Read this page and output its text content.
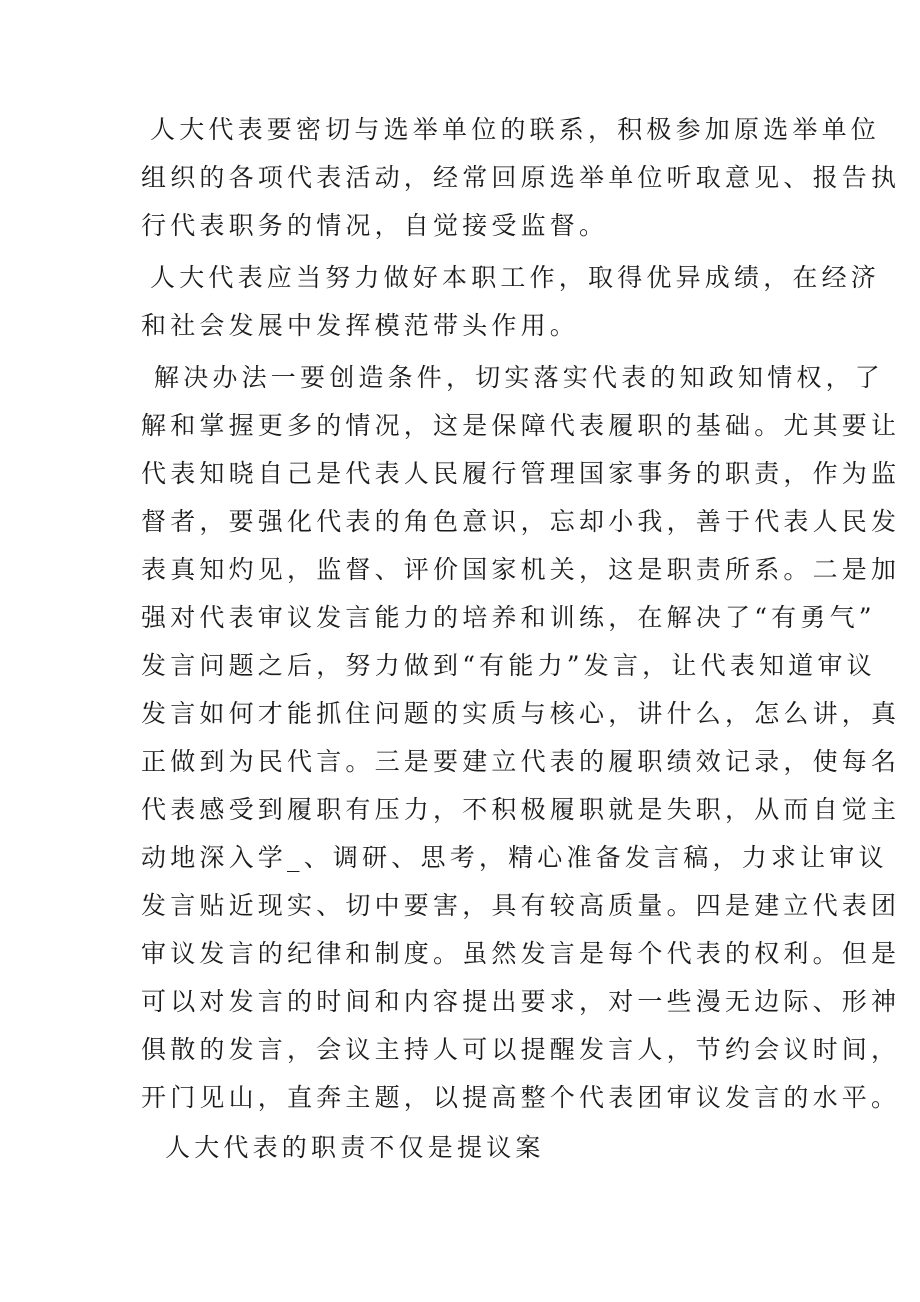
人大代表要密切与选举单位的联系，积极参加原选举单位

组织的各项代表活动，经常回原选举单位听取意见、报告执

行代表职务的情况，自觉接受监督。

人大代表应当努力做好本职工作，取得优异成绩，在经济

和社会发展中发挥模范带头作用。

解决办法一要创造条件，切实落实代表的知政知情权，了

解和掌握更多的情况，这是保障代表履职的基础。尤其要让

代表知晓自己是代表人民履行管理国家事务的职责，作为监

督者，要强化代表的角色意识，忘却小我，善于代表人民发

表真知灼见，监督、评价国家机关，这是职责所系。二是加

强对代表审议发言能力的培养和训练，在解决了“有勇气”

发言问题之后，努力做到“有能力”发言，让代表知道审议

发言如何才能抓住问题的实质与核心，讲什么，怎么讲，真

正做到为民代言。三是要建立代表的履职绩效记录，使每名

代表感受到履职有压力，不积极履职就是失职，从而自觉主

动地深入学_、调研、思考，精心准备发言稿，力求让审议

发言贴近现实、切中要害，具有较高质量。四是建立代表团

审议发言的纪律和制度。虽然发言是每个代表的权利。但是

可以对发言的时间和内容提出要求，对一些漫无边际、形神

俱散的发言，会议主持人可以提醒发言人，节约会议时间，

开门见山，直奔主题，以提高整个代表团审议发言的水平。

人大代表的职责不仅是提议案
